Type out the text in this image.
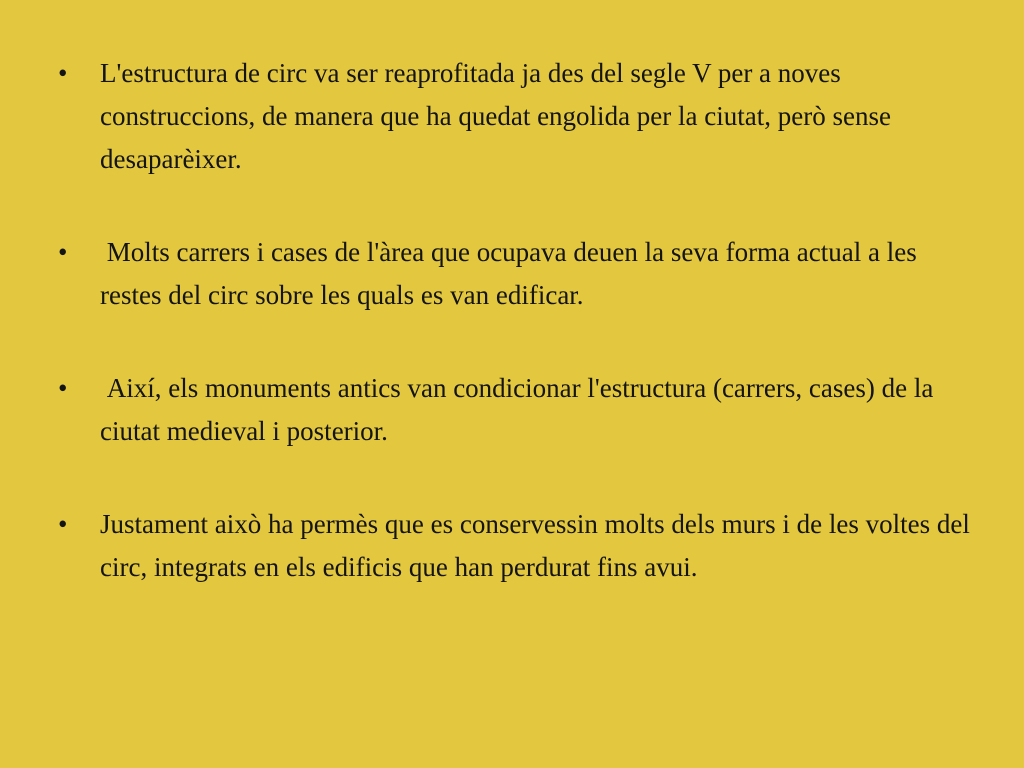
•	L'estructura de circ va ser reaprofitada ja des del segle V per a noves construccions, de manera que ha quedat engolida per la ciutat, però sense desaparèixer.
•	Molts carrers i cases de l'àrea que ocupava deuen la seva forma actual a les restes del circ sobre les quals es van edificar.
•	Així, els monuments antics van condicionar l'estructura (carrers, cases) de la ciutat medieval i posterior.
•	Justament això ha permès que es conservessin molts dels murs i de les voltes del circ, integrats en els edificis que han perdurat fins avui.
